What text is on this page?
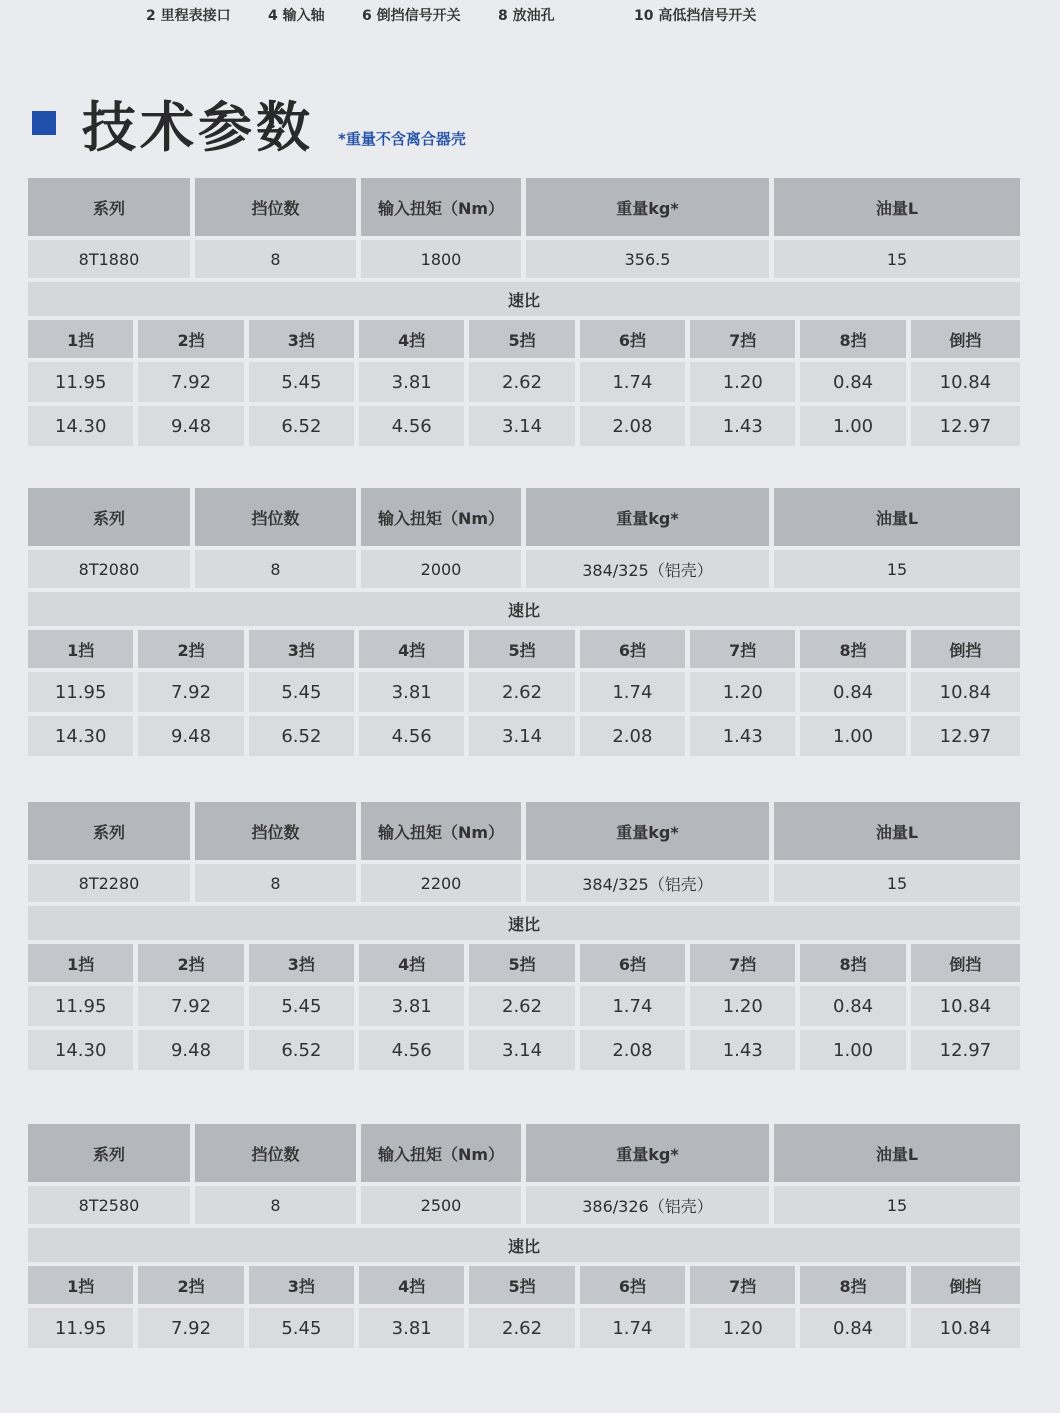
2 里程表接口	4 输入轴	6 倒挡信号开关	8 放油孔	10 高低挡信号开关
技术参数 *重量不含离合器壳
系列	挡位数	输入扭矩（Nm）	重量kg*	油量L
8T1880	8	1800	356.5	15
速比
1挡	2挡	3挡	4挡	5挡	6挡	7挡	8挡	倒挡
11.95	7.92	5.45	3.81	2.62	1.74	1.20	0.84	10.84
14.30	9.48	6.52	4.56	3.14	2.08	1.43	1.00	12.97
系列	挡位数	输入扭矩（Nm）	重量kg*	油量L
8T2080	8	2000	384/325（铝壳）	15
速比
1挡	2挡	3挡	4挡	5挡	6挡	7挡	8挡	倒挡
11.95	7.92	5.45	3.81	2.62	1.74	1.20	0.84	10.84
14.30	9.48	6.52	4.56	3.14	2.08	1.43	1.00	12.97
系列	挡位数	输入扭矩（Nm）	重量kg*	油量L
8T2280	8	2200	384/325（铝壳）	15
速比
1挡	2挡	3挡	4挡	5挡	6挡	7挡	8挡	倒挡
11.95	7.92	5.45	3.81	2.62	1.74	1.20	0.84	10.84
14.30	9.48	6.52	4.56	3.14	2.08	1.43	1.00	12.97
系列	挡位数	输入扭矩（Nm）	重量kg*	油量L
8T2580	8	2500	386/326（铝壳）	15
速比
1挡	2挡	3挡	4挡	5挡	6挡	7挡	8挡	倒挡
11.95	7.92	5.45	3.81	2.62	1.74	1.20	0.84	10.84
